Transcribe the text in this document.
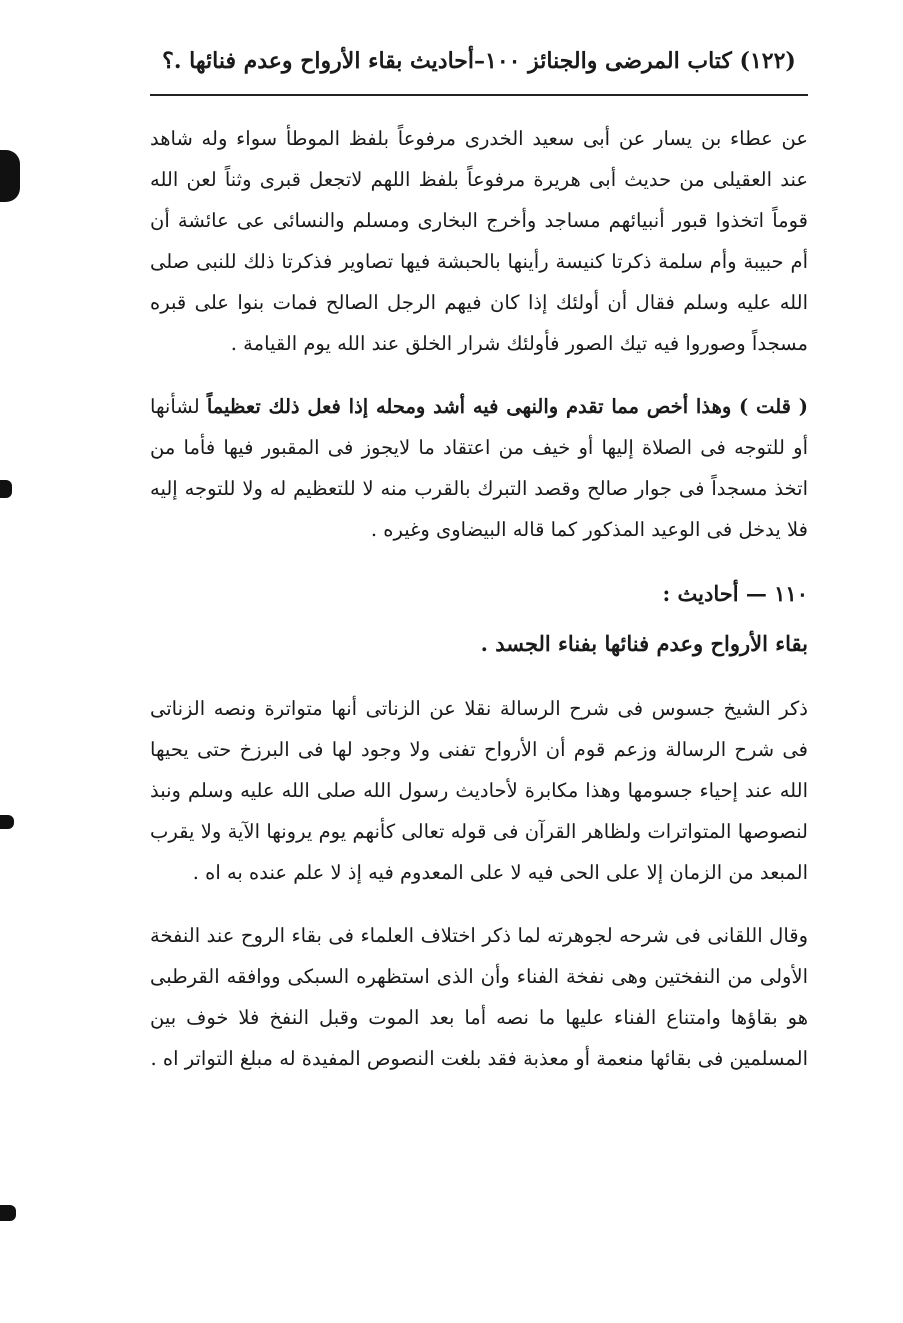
(١٢٢) كتاب المرضى والجنائز ١٠٠–أحاديث بقاء الأرواح وعدم فنائها .؟

عن عطاء بن يسار عن أبى سعيد الخدرى مرفوعاً بلفظ الموطأ سواء وله شاهد عند العقيلى من حديث أبى هريرة مرفوعاً بلفظ اللهم لاتجعل قبرى وثناً لعن الله قوماً اتخذوا قبور أنبيائهم مساجد وأخرج البخارى ومسلم والنسائى عى عائشة أن أم حبيبة وأم سلمة ذكرتا كنيسة رأينها بالحبشة فيها تصاوير فذكرتا ذلك للنبى صلى الله عليه وسلم فقال أن أولئك إذا كان فيهم الرجل الصالح فمات بنوا على قبره مسجداً وصوروا فيه تيك الصور فأولئك شرار الخلق عند الله يوم القيامة .

( قلت ) وهذا أخص مما تقدم والنهى فيه أشد ومحله إذا فعل ذلك تعظيماً لشأنها أو للتوجه فى الصلاة إليها أو خيف من اعتقاد ما لايجوز فى المقبور فيها فأما من اتخذ مسجداً فى جوار صالح وقصد التبرك بالقرب منه لا للتعظيم له ولا للتوجه إليه فلا يدخل فى الوعيد المذكور كما قاله البيضاوى وغيره .

١١٠ — أحاديث :

بقاء الأرواح وعدم فنائها بفناء الجسد .

ذكر الشيخ جسوس فى شرح الرسالة نقلا عن الزناتى أنها متواترة ونصه الزناتى فى شرح الرسالة وزعم قوم أن الأرواح تفنى ولا وجود لها فى البرزخ حتى يحيها الله عند إحياء جسومها وهذا مكابرة لأحاديث رسول الله صلى الله عليه وسلم ونبذ لنصوصها المتواترات ولظاهر القرآن فى قوله تعالى كأنهم يوم يرونها الآية ولا يقرب المبعد من الزمان إلا على الحى فيه لا على المعدوم فيه إذ لا علم عنده به اه .

وقال اللقانى فى شرحه لجوهرته لما ذكر اختلاف العلماء فى بقاء الروح عند النفخة الأولى من النفختين وهى نفخة الفناء وأن الذى استظهره السبكى ووافقه القرطبى هو بقاؤها وامتناع الفناء عليها ما نصه أما بعد الموت وقبل النفخ فلا خوف بين المسلمين فى بقائها منعمة أو معذبة فقد بلغت النصوص المفيدة له مبلغ التواتر اه .
